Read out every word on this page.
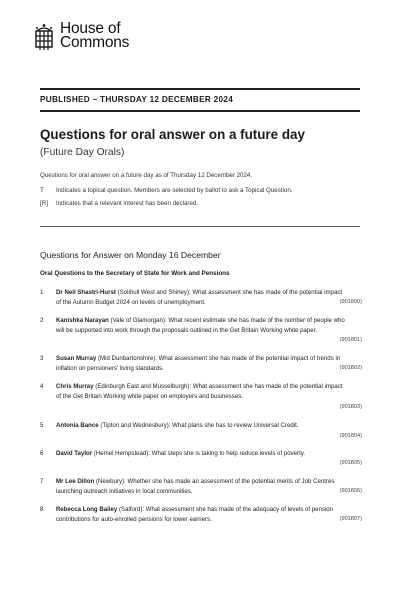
House of
Commons
PUBLISHED – THURSDAY 12 DECEMBER 2024
Questions for oral answer on a future day
(Future Day Orals)
Questions for oral answer on a future day as of Thursday 12 December 2024.
T	Indicates a topical question. Members are selected by ballot to ask a Topical Question.
[R]	Indicates that a relevant interest has been declared.
Questions for Answer on Monday 16 December
Oral Questions to the Secretary of State for Work and Pensions
1 Dr Neil Shastri-Hurst (Solihull West and Shirley): What assessment she has made of the potential impact of the Autumn Budget 2024 on levels of unemployment.	(901800)
2 Kanishka Narayan (Vale of Glamorgan): What recent estimate she has made of the number of people who will be supported into work through the proposals outlined in the Get Britain Working white paper.
(901801)
3 Susan Murray (Mid Dunbartonshire): What assessment she has made of the potential impact of trends in inflation on pensioners' living standards.	(901802)
4 Chris Murray (Edinburgh East and Musselburgh): What assessment she has made of the potential impact of the Get Britain Working white paper on employers and businesses.
(901803)
5 Antonia Bance (Tipton and Wednesbury): What plans she has to review Universal Credit.
(901804)
6 David Taylor (Hemel Hempstead): What steps she is taking to help reduce levels of poverty.
(901805)
7 Mr Lee Dillon (Newbury): Whether she has made an assessment of the potential merits of Job Centres launching outreach initiatives in local communities.	(901806)
8 Rebecca Long Bailey (Salford): What assessment she has made of the adequacy of levels of pension contributions for auto-enrolled pensions for lower earners.	(901807)
